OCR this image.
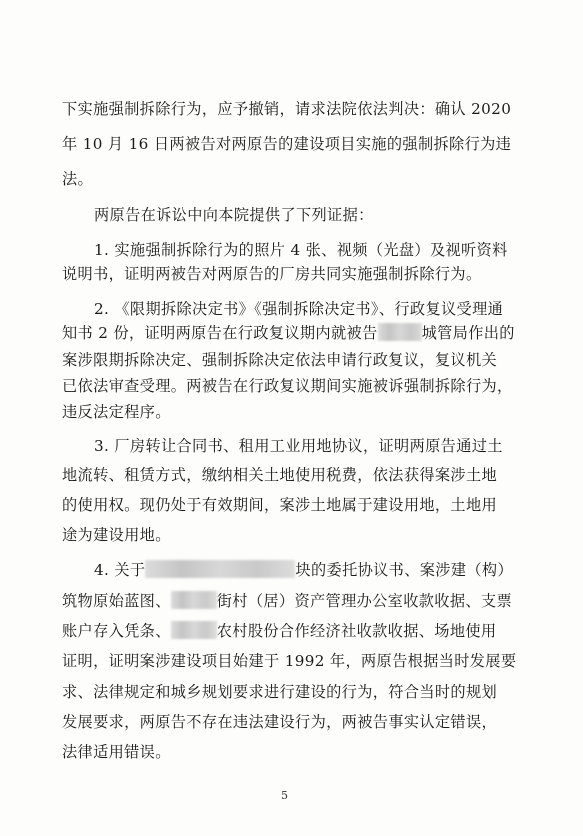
下实施强制拆除行为，应予撤销，请求法院依法判决：确认 2020
年 10 月 16 日两被告对两原告的建设项目实施的强制拆除行为违
法。
两原告在诉讼中向本院提供了下列证据：
1. 实施强制拆除行为的照片 4 张、视频（光盘）及视听资料
说明书，证明两被告对两原告的厂房共同实施强制拆除行为。
2. 《限期拆除决定书》《强制拆除决定书》、行政复议受理通
知书 2 份，证明两原告在行政复议期内就被告	城管局作出的
案涉限期拆除决定、强制拆除决定依法申请行政复议，复议机关
已依法审查受理。两被告在行政复议期间实施被诉强制拆除行为，
违反法定程序。
3. 厂房转让合同书、租用工业用地协议，证明两原告通过土
地流转、租赁方式，缴纳相关土地使用税费，依法获得案涉土地
的使用权。现仍处于有效期间，案涉土地属于建设用地，土地用
途为建设用地。
4. 关于	块的委托协议书、案涉建（构）
筑物原始蓝图、	街村（居）资产管理办公室收款收据、支票
账户存入凭条、	农村股份合作经济社收款收据、场地使用
证明，证明案涉建设项目始建于 1992 年，两原告根据当时发展要
求、法律规定和城乡规划要求进行建设的行为，符合当时的规划
发展要求，两原告不存在违法建设行为，两被告事实认定错误，
法律适用错误。
5
